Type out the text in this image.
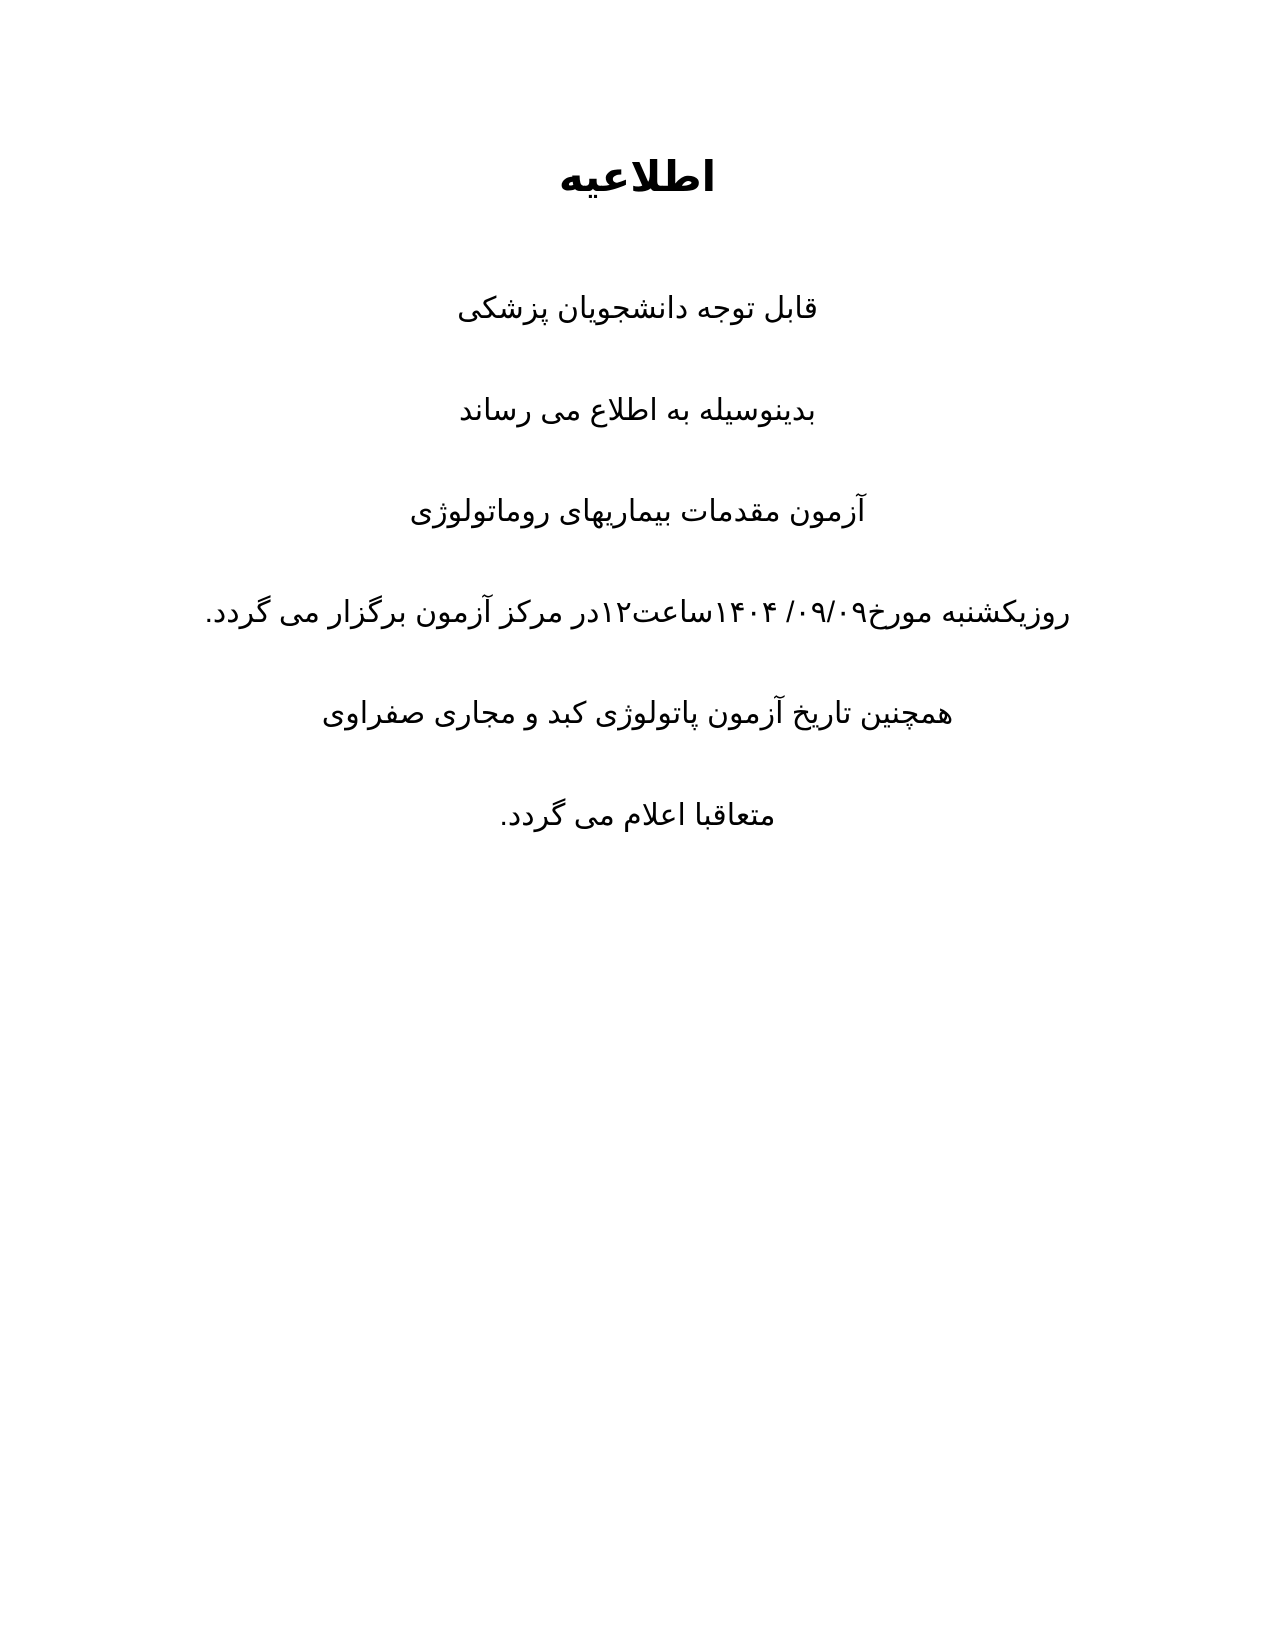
اطلاعیه
قابل توجه دانشجویان پزشکی
بدینوسیله به اطلاع می رساند
آزمون مقدمات بیماریهای روماتولوژی
روزیکشنبه مورخ۰۹/۰۹/ ۱۴۰۴ساعت۱۲در مرکز آزمون برگزار می گردد.
همچنین تاریخ آزمون پاتولوژی کبد و مجاری صفراوی
متعاقبا اعلام می گردد.
